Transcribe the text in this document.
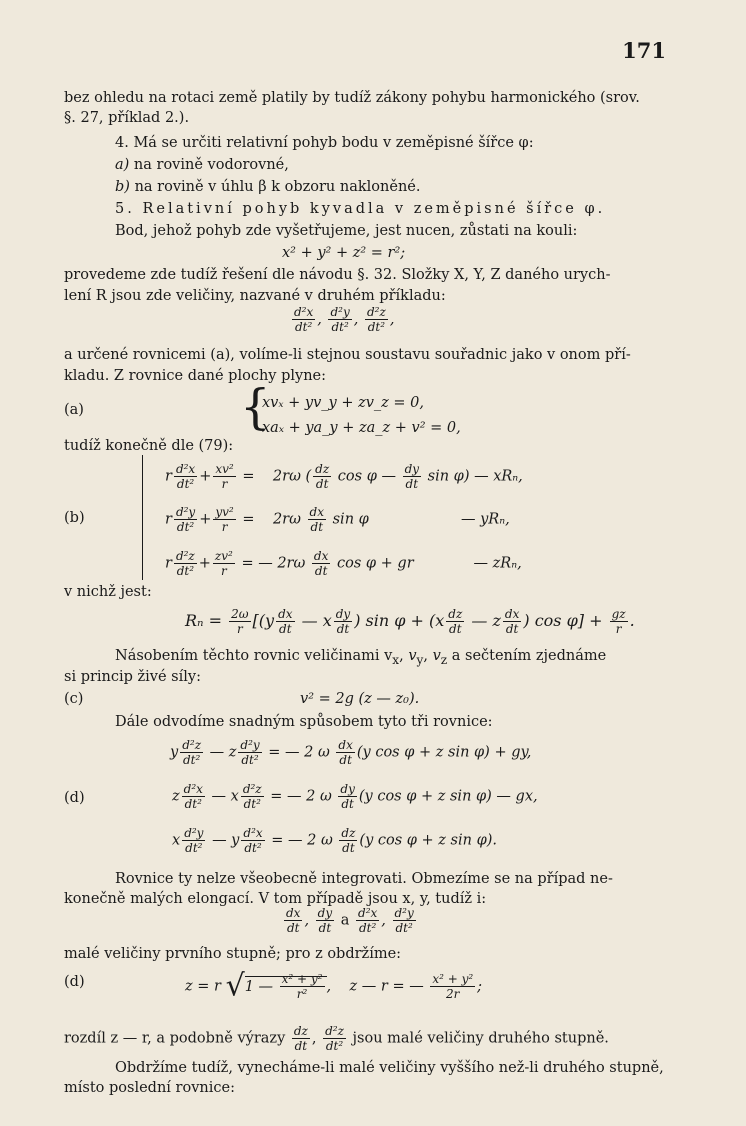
171
bez ohledu na rotaci země platily by tudíž zákony pohybu harmonického (srov.
§. 27, příklad 2.).
4. Má se určiti relativní pohyb bodu v zeměpisné šířce φ:
a) na rovině vodorovné,
b) na rovině v úhlu β k obzoru nakloněné.
5. Relativní pohyb kyvadla v zeměpisné šířce φ.
Bod, jehož pohyb zde vyšetřujeme, jest nucen, zůstati na kouli:
x² + y² + z² = r²;
provedeme zde tudíž řešení dle návodu §. 32. Složky X, Y, Z daného urych-
lení R jsou zde veličiny, nazvané v druhém příkladu:
$\frac{\text{d²x}}{\text{dt²}}$ , $\frac{\text{d²y}}{\text{dt²}}$ , $\frac{\text{d²z}}{\text{dt²}}$ ,
a určené rovnicemi (a), volíme-li stejnou soustavu souřadnic jako v onom pří-
kladu. Z rovnice dané plochy plyne:
(a)	{
xvₓ + yv_y + zv_z = 0,
xaₓ + ya_y + za_z + v² = 0,
tudíž konečně dle (79):
(b)
r $\frac{\text{d²x}}{\text{dt²}} + \frac{\text{xv²}}{r}$ =    2rω ( $\frac{dz}{dt}$ cos φ — $\frac{dy}{dt}$ sin φ) — xRₙ,
r $\frac{\text{d²y}}{\text{dt²}} + \frac{\text{yv²}}{r}$ =    $2r\omega \frac{dx}{dt}$ sin φ                    — yRₙ,
r $\frac{\text{d²z}}{\text{dt²}} + \frac{\text{zv²}}{r}$ = — $2r\omega \frac{dx}{dt}$ cos φ + gr             — zRₙ,
v nichž jest:
$R_n = \frac{2\omega}{r} [(y \frac{dx}{dt}$ — x $\frac{dy}{dt}$ ) $\sin \varphi + (x \frac{dz}{dt}$ — z $\frac{dx}{dt}$ ) $\cos \varphi] + \frac{gz}{r}$ .
Násobením těchto rovnic veličinami $v_x$, $v_y$, $v_z$ a sečtením zjednáme
si princip živé síly:
(c)	v² = 2g (z — z₀).
Dále odvodíme snadným spůsobem tyto tři rovnice:
(d)
y $\frac{\text{d²z}}{\text{dt²}}$ — z $\frac{\text{d²y}}{\text{dt²}}$ = — 2 ω $\frac{dx}{dt} (y$ cos φ + z sin φ) + gy,
z $\frac{\text{d²x}}{\text{dt²}}$ — x $\frac{\text{d²z}}{\text{dt²}}$ = — 2 ω $\frac{dy}{dt} (y$ cos φ + z sin φ) — gx,
x $\frac{\text{d²y}}{\text{dt²}}$ — y $\frac{\text{d²x}}{\text{dt²}}$ = — 2 ω $\frac{dz}{dt} (y$ cos φ + z sin φ).
Rovnice ty nelze všeobecně integrovati. Obmezíme se na případ ne-
konečně malých elongací. V tom případě jsou x, y, tudíž i:
$\frac{dx}{dt}$ , $\frac{dy}{dt}$ a $\frac{\text{d²x}}{\text{dt²}}$ , $\frac{\text{d²y}}{\text{dt²}}$
malé veličiny prvního stupně; pro z obdržíme:
(d)	z = r √1 — $\frac{\text{x² + y²}}{\text{r²}}$ ,    z — r = — $\frac{\text{x² + y²}}{2r}$ ;
rozdíl z — r, a podobně výrazy $\frac{dz}{dt}$ , $\frac{\text{d²z}}{\text{dt²}}$ jsou malé veličiny druhého stupně.
Obdržíme tudíž, vynecháme-li malé veličiny vyššího než-li druhého stupně,
místo poslední rovnice:
